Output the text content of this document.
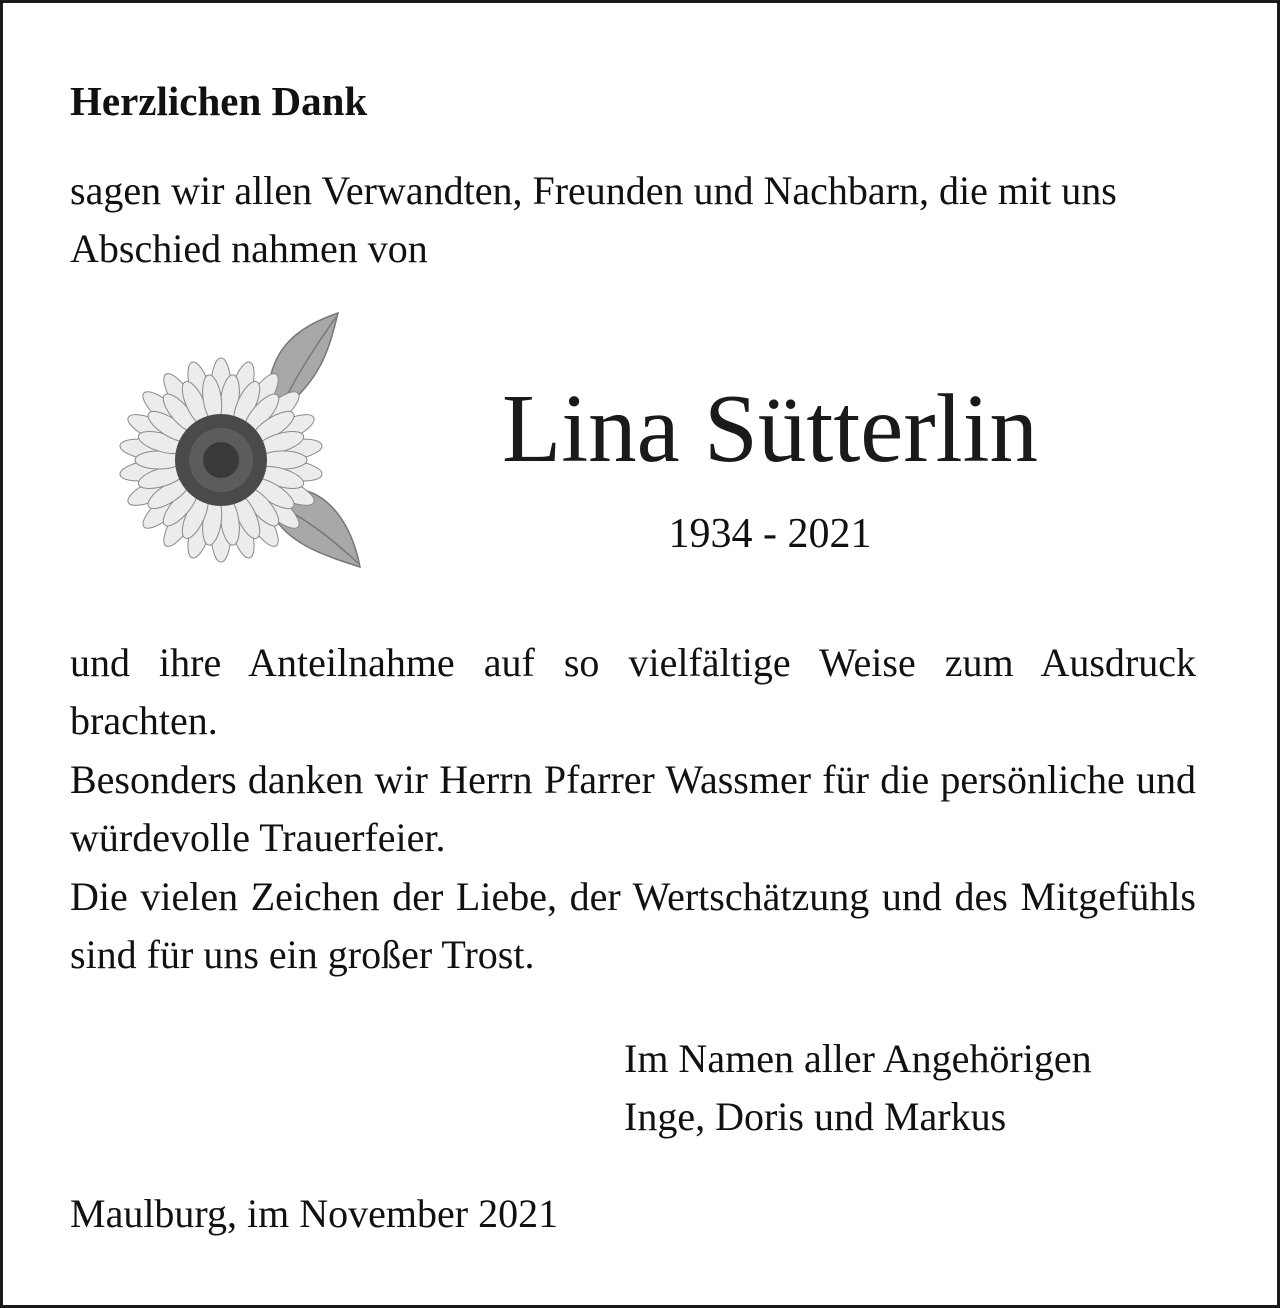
Herzlichen Dank

sagen wir allen Verwandten, Freunden und Nachbarn, die mit uns Abschied nahmen von

Lina Sütterlin

1934 - 2021

und ihre Anteilnahme auf so vielfältige Weise zum Ausdruck brachten.

Besonders danken wir Herrn Pfarrer Wassmer für die persönliche und würdevolle Trauerfeier.

Die vielen Zeichen der Liebe, der Wertschätzung und des Mitgefühls sind für uns ein großer Trost.

Im Namen aller Angehörigen

Inge, Doris und Markus

Maulburg, im November 2021
